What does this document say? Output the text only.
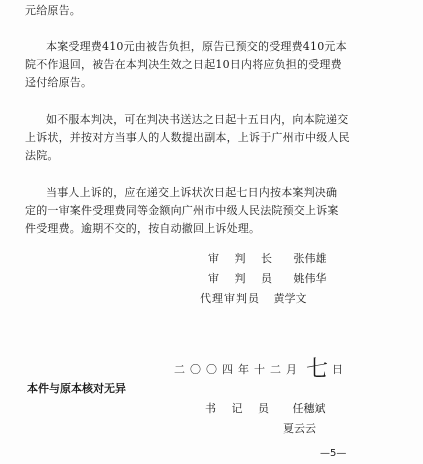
元给原告。
本案受理费410元由被告负担，原告已预交的受理费410元本
院不作退回，被告在本判决生效之日起10日内将应负担的受理费
迳付给原告。
如不服本判决，可在判决书送达之日起十五日内，向本院递交
上诉状，并按对方当事人的人数提出副本，上诉于广州市中级人民
法院。
当事人上诉的，应在递交上诉状次日起七日内按本案判决确
定的一审案件受理费同等金额向广州市中级人民法院预交上诉案
件受理费。逾期不交的，按自动撤回上诉处理。
审 判 长 张伟雄
审 判 员 姚伟华
代理审判员 黄学文
二〇〇四年十二月 七 日
本件与原本核对无异
书 记 员 任穗斌
夏云云
—5—
